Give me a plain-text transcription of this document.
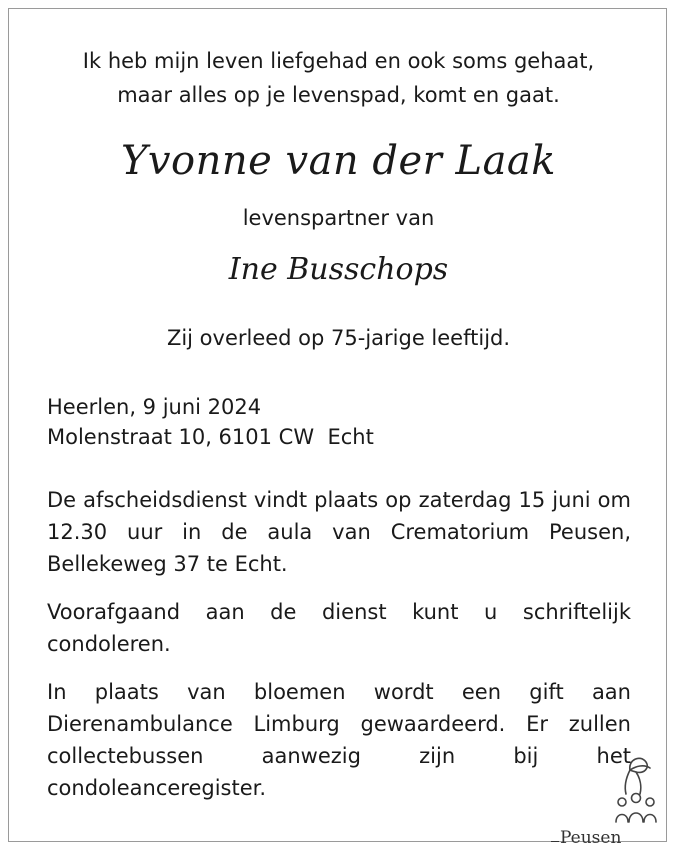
Ik heb mijn leven liefgehad en ook soms gehaat,
maar alles op je levenspad, komt en gaat.
Yvonne van der Laak
levenspartner van
Ine Busschops
Zij overleed op 75-jarige leeftijd.
Heerlen, 9 juni 2024
Molenstraat 10, 6101 CW  Echt
De afscheidsdienst vindt plaats op zaterdag 15 juni om 12.30 uur in de aula van Crematorium Peusen, Bellekeweg 37 te Echt.
Voorafgaand aan de dienst kunt u schriftelijk condoleren.
In plaats van bloemen wordt een gift aan Dierenambulance Limburg gewaardeerd. Er zullen collectebussen aanwezig zijn bij het condoleanceregister.
Peusen
